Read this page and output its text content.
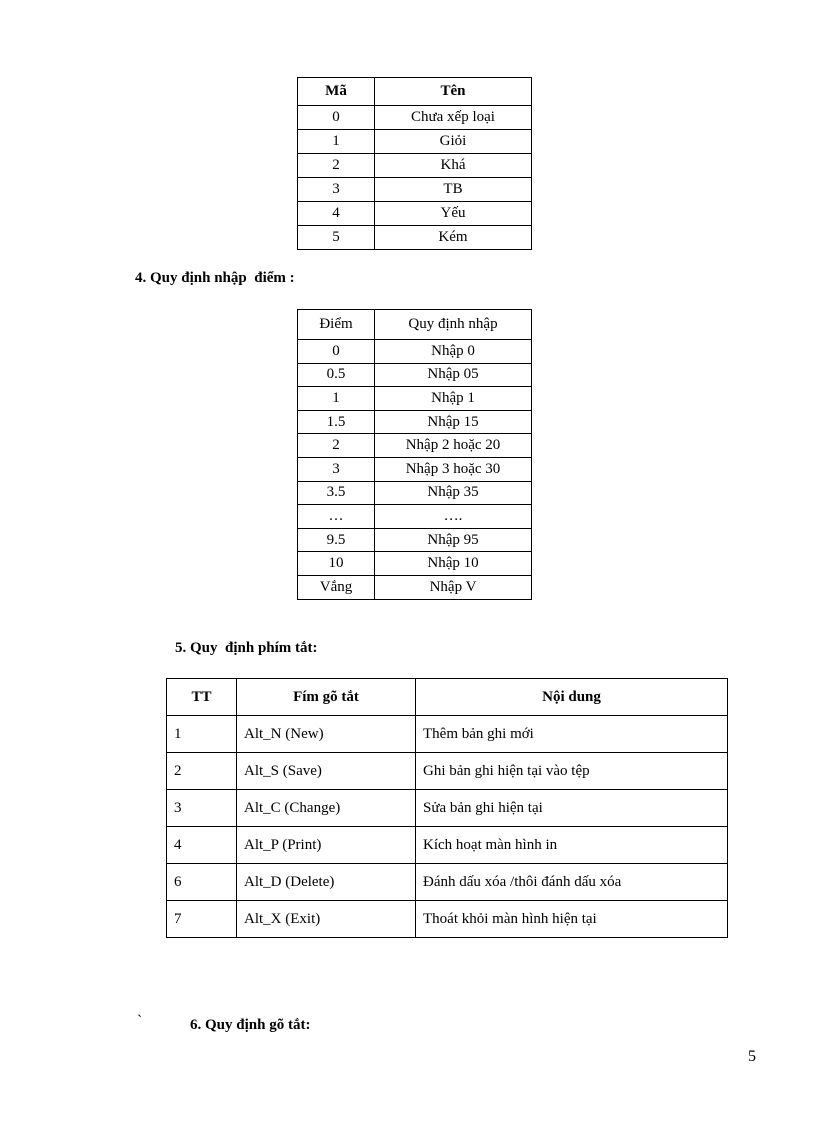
Mã	Tên
0	Chưa xếp loại
1	Giỏi
2	Khá
3	TB
4	Yếu
5	Kém
4. Quy định nhập  điểm :
Điểm	Quy định nhập
0	Nhập 0
0.5	Nhập 05
1	Nhập 1
1.5	Nhập 15
2	Nhập 2 hoặc 20
3	Nhập 3 hoặc 30
3.5	Nhập 35
…	….
9.5	Nhập 95
10	Nhập 10
Vắng	Nhập V
5. Quy  định phím tắt:
TT	Fím gõ tắt	Nội dung
1	Alt_N (New)	Thêm bản ghi mới
2	Alt_S (Save)	Ghi bản ghi hiện tại vào tệp
3	Alt_C (Change)	Sửa bản ghi hiện tại
4	Alt_P (Print)	Kích hoạt màn hình in
6	Alt_D (Delete)	Đánh dấu xóa /thôi đánh dấu xóa
7	Alt_X (Exit)	Thoát khỏi màn hình hiện tại
`	6. Quy định gõ tắt:
5
